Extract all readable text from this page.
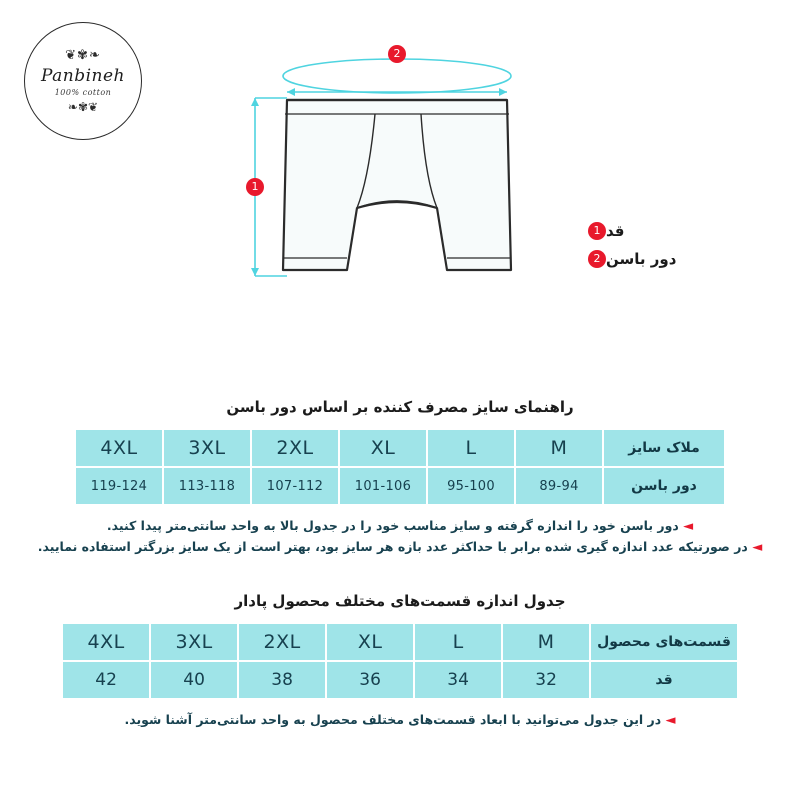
❦✾❧
Panbineh
100% cotton
❧✾❦
2
1
1 قد
2 دور باسن
راهنمای سایز مصرف کننده بر اساس دور باسن
ملاک سایز	M	L	XL	2XL	3XL	4XL
دور باسن	89-94	95-100	101-106	107-112	113-118	119-124
◄ دور باسن خود را اندازه گرفته و سایز مناسب خود را در جدول بالا به واحد سانتی‌متر پیدا کنید.
◄ در صورتیکه عدد اندازه گیری شده برابر با حداکثر عدد بازه هر سایز بود، بهتر است از یک سایز بزرگتر استفاده نمایید.
جدول اندازه قسمت‌های مختلف محصول پادار
قسمت‌های محصول	M	L	XL	2XL	3XL	4XL
قد	32	34	36	38	40	42
◄ در این جدول می‌توانید با ابعاد قسمت‌های مختلف محصول به واحد سانتی‌متر آشنا شوید.
